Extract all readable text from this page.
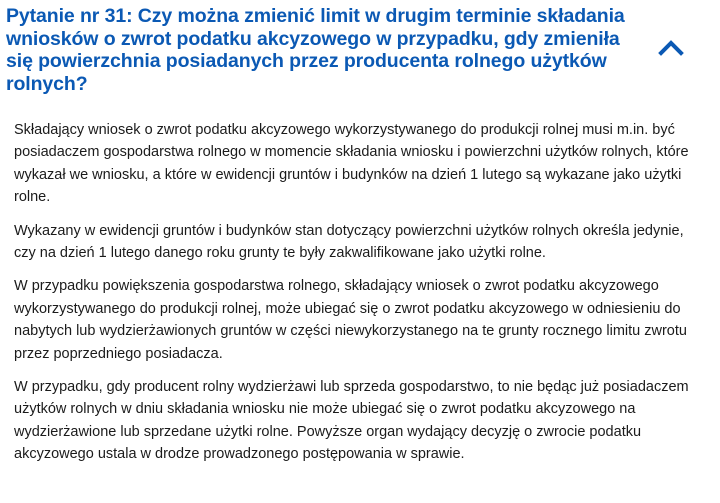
Pytanie nr 31: Czy można zmienić limit w drugim terminie składania wniosków o zwrot podatku akcyzowego w przypadku, gdy zmieniła się powierzchnia posiadanych przez producenta rolnego użytków rolnych?

Składający wniosek o zwrot podatku akcyzowego wykorzystywanego do produkcji rolnej musi m.in. być posiadaczem gospodarstwa rolnego w momencie składania wniosku i powierzchni użytków rolnych, które wykazał we wniosku, a które w ewidencji gruntów i budynków na dzień 1 lutego są wykazane jako użytki rolne.

Wykazany w ewidencji gruntów i budynków stan dotyczący powierzchni użytków rolnych określa jedynie, czy na dzień 1 lutego danego roku grunty te były zakwalifikowane jako użytki rolne.

W przypadku powiększenia gospodarstwa rolnego, składający wniosek o zwrot podatku akcyzowego wykorzystywanego do produkcji rolnej, może ubiegać się o zwrot podatku akcyzowego w odniesieniu do nabytych lub wydzierżawionych gruntów w części niewykorzystanego na te grunty rocznego limitu zwrotu przez poprzedniego posiadacza.

W przypadku, gdy producent rolny wydzierżawi lub sprzeda gospodarstwo, to nie będąc już posiadaczem użytków rolnych w dniu składania wniosku nie może ubiegać się o zwrot podatku akcyzowego na wydzierżawione lub sprzedane użytki rolne. Powyższe organ wydający decyzję o zwrocie podatku akcyzowego ustala w drodze prowadzonego postępowania w sprawie.
